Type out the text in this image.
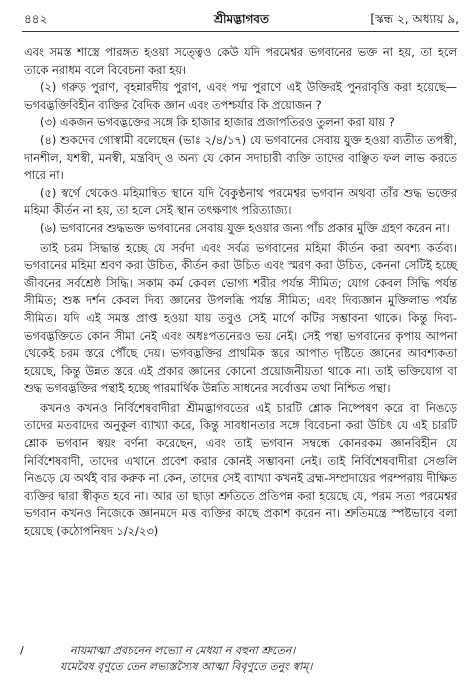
৪৪২	শ্রীমদ্ভাগবত	[স্কন্ধ ২, অধ্যায় ৯,

এবং সমস্ত শাস্ত্রে পারঙ্গত হওয়া সত্ত্বেও কেউ যদি পরমেশ্বর ভগবানের ভক্ত না হয়, তা হলে তাকে নরাধম বলে বিবেচনা করা হয়।

(২) গরুড় পুরাণ, বৃহন্নারদীয় পুরাণ, এবং পদ্ম পুরাণে এই উক্তিরই পুনরাবৃত্তি করা হয়েছে—ভগবদ্ভক্তিবিহীন ব্যক্তির বৈদিক জ্ঞান এবং তপশ্চর্যার কি প্রয়োজন ?

(৩) একজন ভগবদ্ভক্তের সঙ্গে কি হাজার হাজার প্রজাপতিরও তুলনা করা যায় ?

(৪) শুকদেব গোস্বামী বলেছেন (ভাঃ ২/৪/১৭) যে ভগবানের সেবায় যুক্ত হওয়া ব্যতীত তপস্বী, দানশীল, যশস্বী, মনস্বী, মন্ত্রবিদ্‌ ও অন্য যে কোন সদাচারী ব্যক্তি তাদের বাঞ্ছিত ফল লাভ করতে পারে না।

(৫) স্বর্গে থেকেও মহিমান্বিত স্থানে যদি বৈকুণ্ঠনাথ পরমেশ্বর ভগবান অথবা তাঁর শুদ্ধ ভক্তের মহিমা কীর্তন না হয়, তা হলে সেই স্থান তৎক্ষণাৎ পরিত্যাজ্য।

(৬) ভগবানের শুদ্ধভক্ত ভগবানের সেবায় যুক্ত হওয়ার জন্য পাঁচ প্রকার মুক্তি গ্রহণ করেন না।

তাই চরম সিদ্ধান্ত হচ্ছে যে সর্বদা এবং সর্বত্র ভগবানের মহিমা কীর্তন করা অবশ্য কর্তব্য। ভগবানের মহিমা শ্রবণ করা উচিত, কীর্তন করা উচিত এবং স্মরণ করা উচিত, কেননা সেটিই হচ্ছে জীবনের সর্বশ্রেষ্ঠ সিদ্ধি। সকাম কর্ম কেবল ভোগ্য শরীর পর্যন্ত সীমিত; যোগ কেবল সিদ্ধি পর্যন্ত সীমিত; শুষ্ক দর্শন কেবল দিব্য জ্ঞানের উপলব্ধি পর্যন্ত সীমিত; এবং দিব্যজ্ঞান মুক্তিলাভ পর্যন্ত সীমিত। যদি এই সমস্ত প্রাপ্ত হওয়া যায় তবুও সেই মার্গে কটির সম্ভাবনা থাকে। কিন্তু দিব্য-ভগবদ্ভক্তিতে কোন সীমা নেই এবং অধঃপতনেরও ভয় নেই। সেই পন্থা ভগবানের কৃপায় আপনা থেকেই চরম স্তরে পৌঁছে দেয়। ভগবদ্ভক্তির প্রাথমিক স্তরে আপাত দৃষ্টিতে জ্ঞানের আবশ্যকতা হয়েছে, কিন্তু উন্নত স্তরে এই প্রকার জ্ঞানের কোনো প্রয়োজনীয়তা থাকে না। তাই ভক্তিযোগ বা শুদ্ধ ভগবদ্ভক্তির পন্থাই হচ্ছে পারমার্থিক উন্নতি সাধনের সর্বোত্তম তথা নিশ্চিত পন্থা।

কখনও কখনও নির্বিশেষবাদীরা শ্রীমদ্ভাগবতের এই চারটি শ্লোক নিষ্পেষণ করে বা নিঙড়ে তাদের মতবাদের অনুকূল ব্যাখ্যা করে, কিন্তু সাবধানতার সঙ্গে বিবেচনা করা উচিৎ যে এই চারটি শ্লোক ভগবান স্বয়ং বর্ণনা করেছেন, এবং তাই ভগবান সম্বন্ধে কোনরকম জ্ঞানবিহীন যে নির্বিশেষবাদী, তাদের এখানে প্রবেশ করার কোনই সম্ভাবনা নেই। তাই নির্বিশেষবাদীরা সেগুলি নিঙড়ে যে অর্থই বার করুক না কেন, তাদের সেই ব্যাখ্যা কখনই ব্রহ্ম-সম্প্রদায়ের পরম্পরায় দীক্ষিত ব্যক্তির দ্বারা স্বীকৃত হবে না। আর তা ছাড়া শ্রুতিতে প্রতিপন্ন করা হয়েছে যে, পরম সত্য পরমেশ্বর ভগবান কখনও নিজেকে জ্ঞানমদে মত্ত ব্যক্তির কাছে প্রকাশ করেন না। শ্রুতিমন্ত্রে স্পষ্টভাবে বলা হয়েছে (কঠোপনিষদ ১/২/২৩)

/	নায়মাত্মা প্রবচনেন লভ্যো ন মেধয়া ন বহুনা শ্রুতেন।
যমেবৈষ বৃণুতে তেন লভ্যস্তস্যৈষ আত্মা বিবৃণুতে তনুং স্বাম্।
